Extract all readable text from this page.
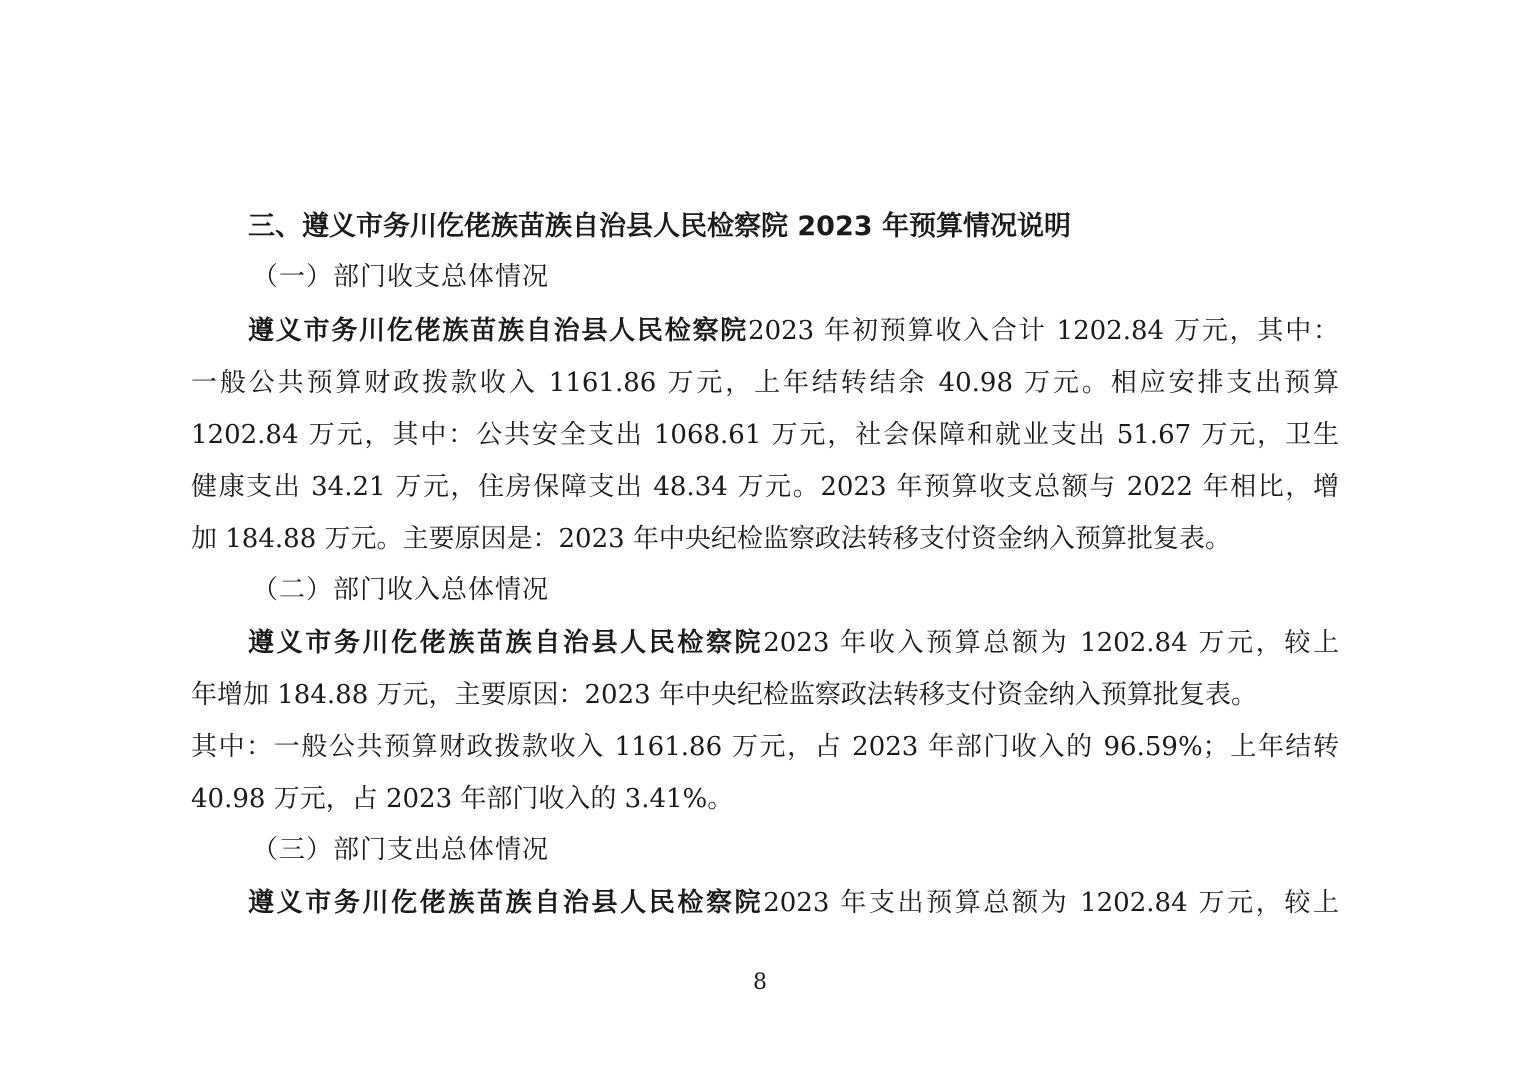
三、遵义市务川仡佬族苗族自治县人民检察院 2023 年预算情况说明
（一）部门收支总体情况
遵义市务川仡佬族苗族自治县人民检察院2023 年初预算收入合计 1202.84 万元，其中：
一般公共预算财政拨款收入 1161.86 万元，上年结转结余 40.98 万元。相应安排支出预算
1202.84 万元，其中：公共安全支出 1068.61 万元，社会保障和就业支出 51.67 万元，卫生
健康支出 34.21 万元，住房保障支出 48.34 万元。2023 年预算收支总额与 2022 年相比，增
加 184.88 万元。主要原因是：2023 年中央纪检监察政法转移支付资金纳入预算批复表。
（二）部门收入总体情况
遵义市务川仡佬族苗族自治县人民检察院2023 年收入预算总额为 1202.84 万元，较上
年增加 184.88 万元，主要原因：2023 年中央纪检监察政法转移支付资金纳入预算批复表。
其中：一般公共预算财政拨款收入 1161.86 万元，占 2023 年部门收入的 96.59%；上年结转
40.98 万元，占 2023 年部门收入的 3.41%。
（三）部门支出总体情况
遵义市务川仡佬族苗族自治县人民检察院2023 年支出预算总额为 1202.84 万元，较上
8
